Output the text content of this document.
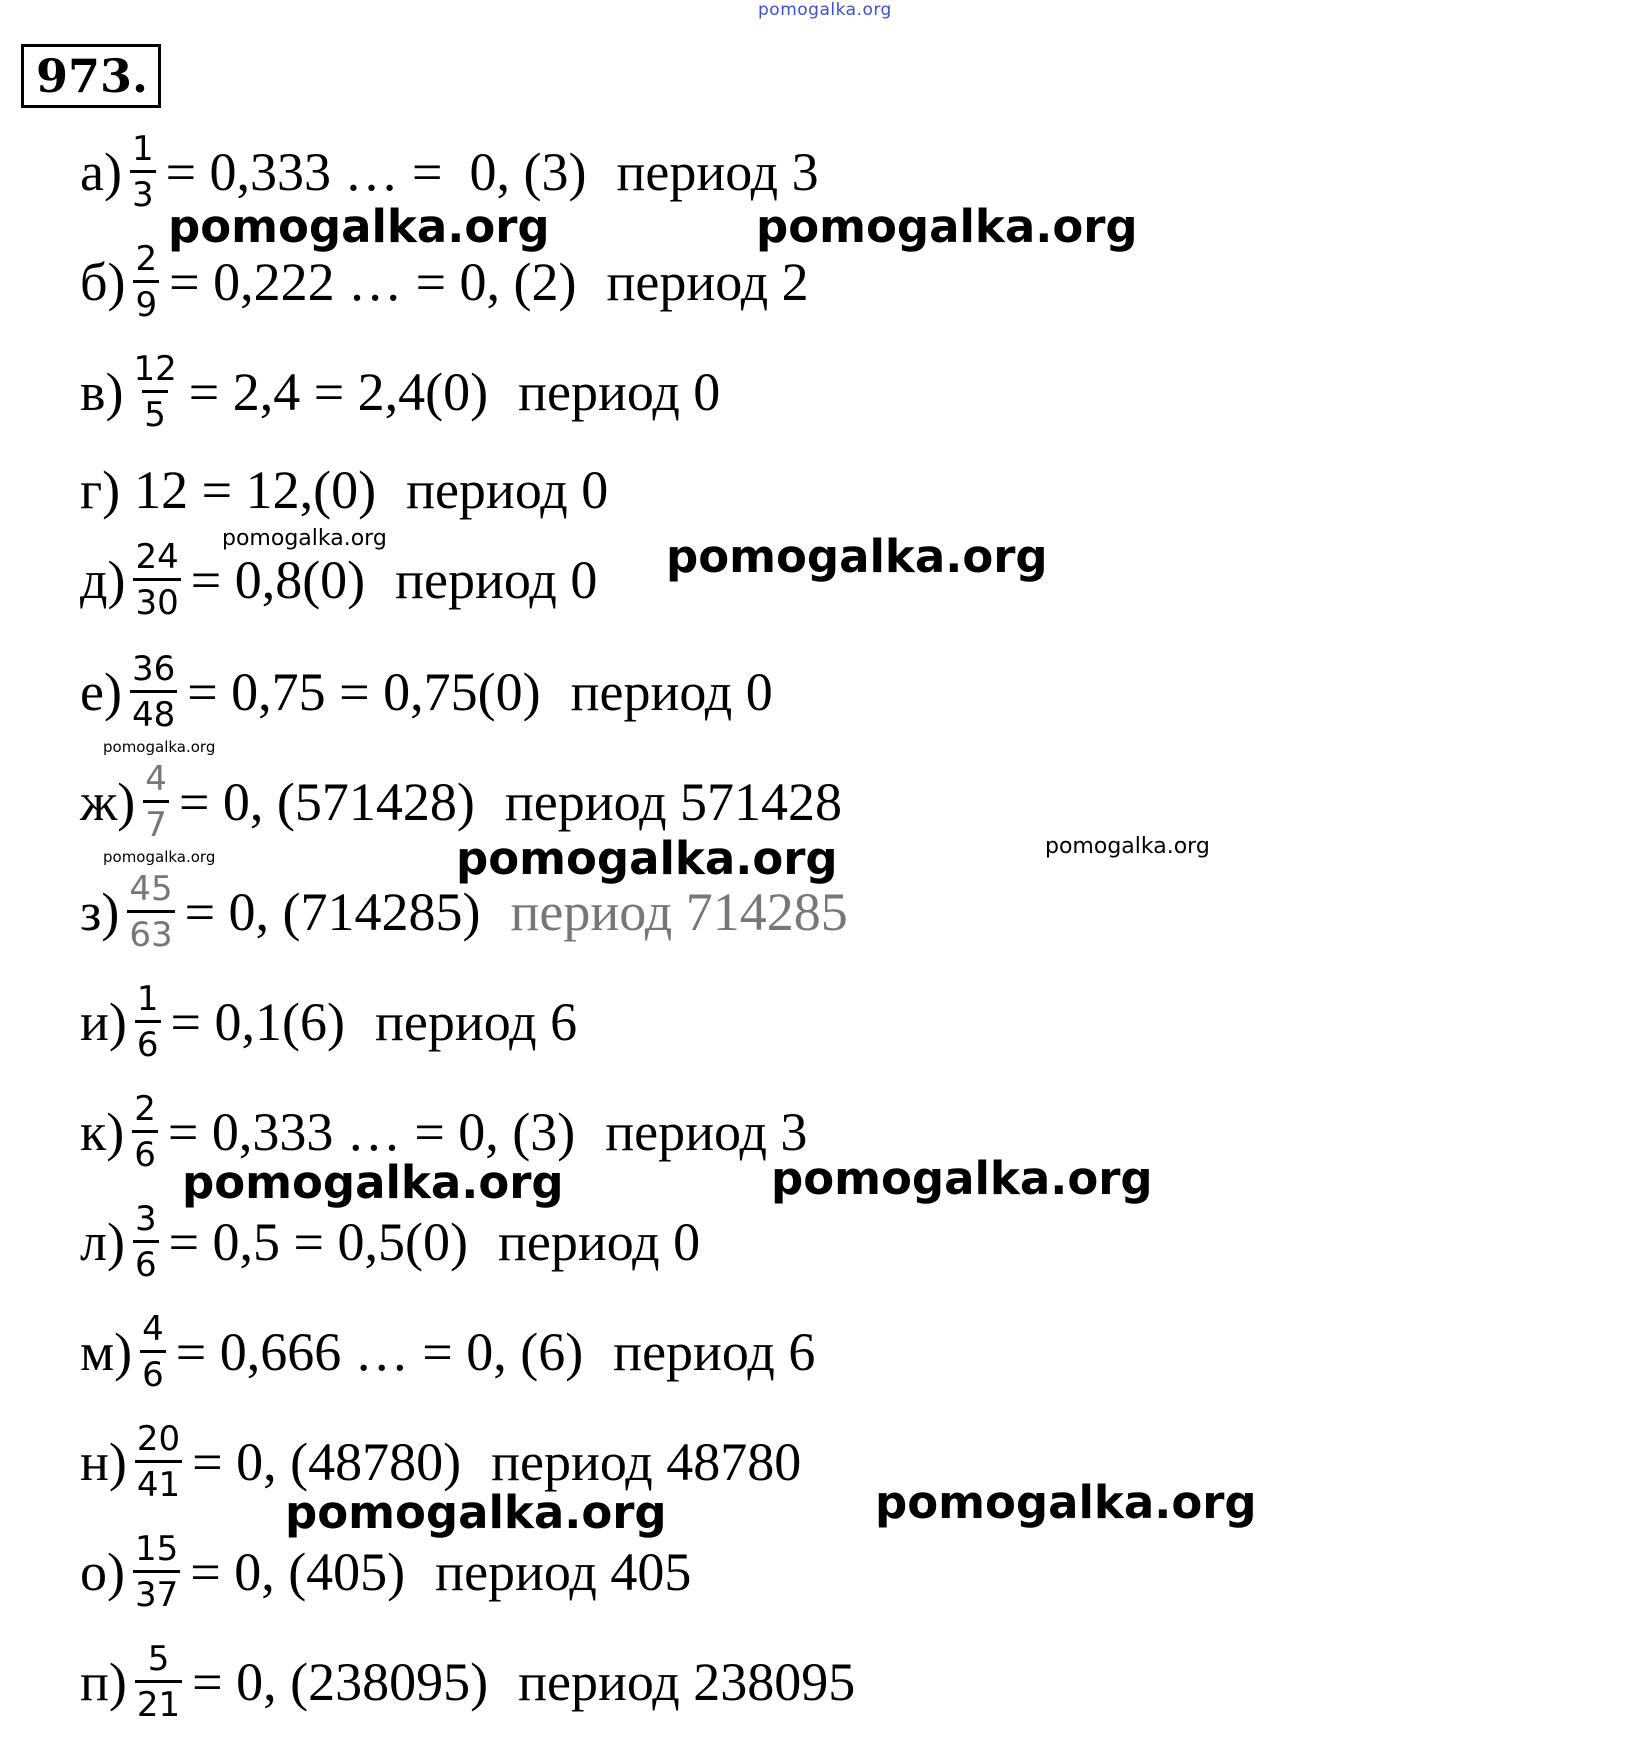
pomogalka.org
973.
$а) \frac{1}{3} = 0,333$ … =  0, (3) период 3
$б) \frac{2}{9} = 0,222$ … = 0, (2) период 2
$в) \frac{12}{5} = 2,4 = 2,4(0)$ период 0
г) 12 = 12,(0) период 0
$д) \frac{24}{30} = 0,8(0)$ период 0
$е) \frac{36}{48} = 0,75 = 0,75(0)$ период 0
$ж) \frac{4}{7} = 0$, (571428) период 571428
$з) \frac{45}{63} = 0$, (714285) период 714285
$и) \frac{1}{6} = 0,1(6)$ период 6
$к) \frac{2}{6} = 0,333$ … = 0, (3) период 3
$л) \frac{3}{6} = 0,5 = 0,5(0)$ период 0
$м) \frac{4}{6} = 0,666$ … = 0, (6) период 6
$н) \frac{20}{41} = 0$, (48780) период 48780
$о) \frac{15}{37} = 0$, (405) период 405
$п) \frac{5}{21} = 0$, (238095) период 238095
pomogalka.org	pomogalka.org
pomogalka.org	pomogalka.org
pomogalka.org
pomogalka.org	pomogalka.org	pomogalka.org
pomogalka.org	pomogalka.org
pomogalka.org	pomogalka.org
